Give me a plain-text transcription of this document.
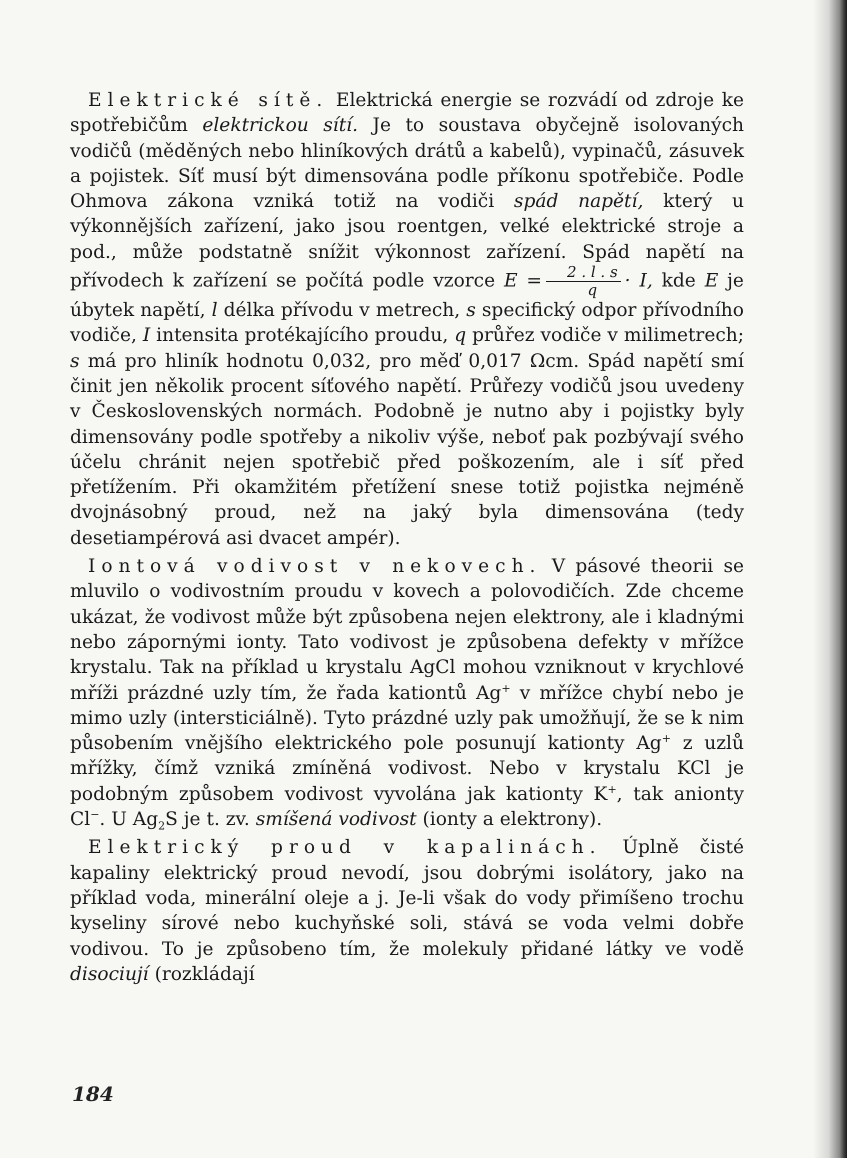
Elektrické sítě. Elektrická energie se rozvádí od zdroje ke spotřebičům elektrickou sítí. Je to soustava obyčejně isolovaných vodičů (měděných nebo hliníkových drátů a kabelů), vypinačů, zásuvek a pojistek. Síť musí být dimensována podle příkonu spotřebiče. Podle Ohmova zákona vzniká totiž na vodiči spád napětí, který u výkonnějších zařízení, jako jsou roentgen, velké elektrické stroje a pod., může podstatně snížit výkonnost zařízení. Spád napětí na přívodech k zařízení se počítá podle vzorce $E = \frac{2 . l . s}{q} \cdot I$, kde E je úbytek napětí, l délka přívodu v metrech, s specifický odpor přívodního vodiče, I intensita protékajícího proudu, q průřez vodiče v milimetrech; s má pro hliník hodnotu 0,032, pro měď 0,017 Ωcm. Spád napětí smí činit jen několik procent síťového napětí. Průřezy vodičů jsou uvedeny v Československých normách. Podobně je nutno aby i pojistky byly dimensovány podle spotřeby a nikoliv výše, neboť pak pozbývají svého účelu chránit nejen spotřebič před poškozením, ale i síť před přetížením. Při okamžitém přetížení snese totiž pojistka nejméně dvojnásobný proud, než na jaký byla dimensována (tedy desetiampérová asi dvacet ampér).

Iontová vodivost v nekovech. V pásové theorii se mluvilo o vodivostním proudu v kovech a polovodičích. Zde chceme ukázat, že vodivost může být způsobena nejen elektrony, ale i kladnými nebo zápornými ionty. Tato vodivost je způsobena defekty v mřížce krystalu. Tak na příklad u krystalu AgCl mohou vzniknout v krychlové mříži prázdné uzly tím, že řada kationtů Ag+ v mřížce chybí nebo je mimo uzly (intersticiálně). Tyto prázdné uzly pak umožňují, že se k nim působením vnějšího elektrického pole posunují kationty Ag+ z uzlů mřížky, čímž vzniká zmíněná vodivost. Nebo v krystalu KCl je podobným způsobem vodivost vyvolána jak kationty K+, tak anionty Cl−. U $Ag_2S$ je t. zv. smíšená vodivost (ionty a elektrony).

Elektrický proud v kapalinách. Úplně čisté kapaliny elektrický proud nevodí, jsou dobrými isolátory, jako na příklad voda, minerální oleje a j. Je-li však do vody přimíšeno trochu kyseliny sírové nebo kuchyňské soli, stává se voda velmi dobře vodivou. To je způsobeno tím, že molekuly přidané látky ve vodě disociují (rozkládají

184
